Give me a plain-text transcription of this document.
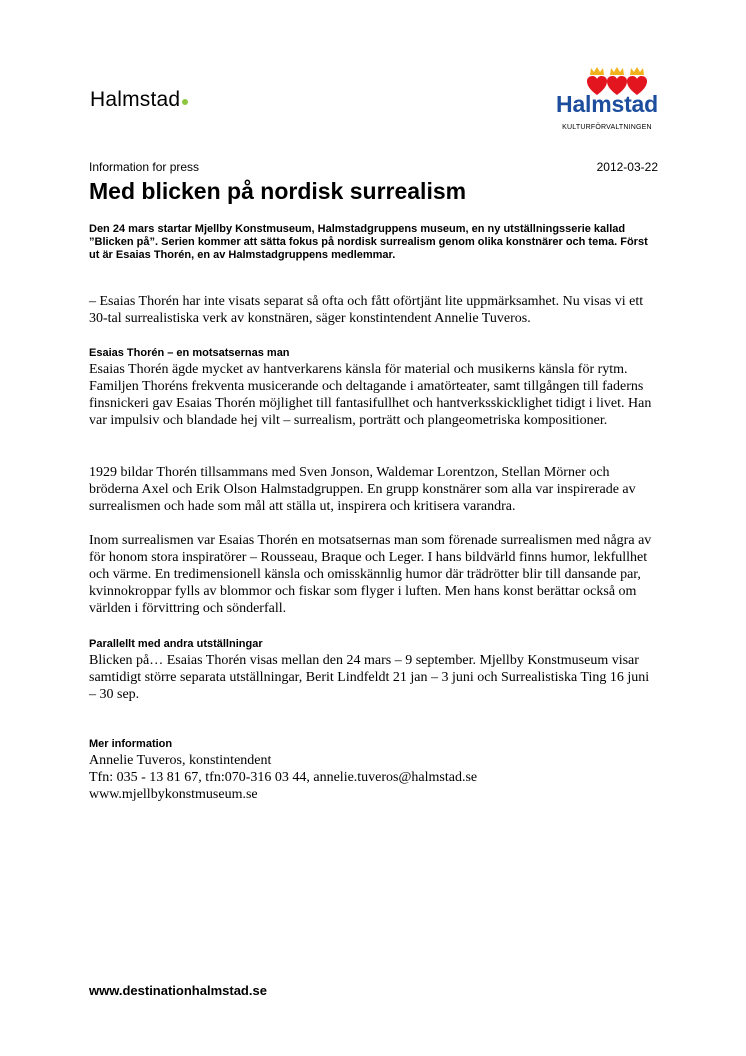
Halmstad	Halmstad
KULTURFÖRVALTNINGEN
Information for press	2012-03-22
Med blicken på nordisk surrealism
Den 24 mars startar Mjellby Konstmuseum, Halmstadgruppens museum, en ny utställningsserie kallad ”Blicken på”. Serien kommer att sätta fokus på nordisk surrealism genom olika konstnärer och tema. Först ut är Esaias Thorén, en av Halmstadgruppens medlemmar.
– Esaias Thorén har inte visats separat så ofta och fått oförtjänt lite uppmärksamhet. Nu visas vi ett 30-tal surrealistiska verk av konstnären, säger konstintendent Annelie Tuveros.
Esaias Thorén – en motsatsernas man
Esaias Thorén ägde mycket av hantverkarens känsla för material och musikerns känsla för rytm. Familjen Thoréns frekventa musicerande och deltagande i amatörteater, samt tillgången till faderns finsnickeri gav Esaias Thorén möjlighet till fantasifullhet och hantverksskicklighet tidigt i livet. Han var impulsiv och blandade hej vilt – surrealism, porträtt och plangeometriska kompositioner.
1929 bildar Thorén tillsammans med Sven Jonson, Waldemar Lorentzon, Stellan Mörner och bröderna Axel och Erik Olson Halmstadgruppen. En grupp konstnärer som alla var inspirerade av surrealismen och hade som mål att ställa ut, inspirera och kritisera varandra.
Inom surrealismen var Esaias Thorén en motsatsernas man som förenade surrealismen med några av för honom stora inspiratörer – Rousseau, Braque och Leger. I hans bildvärld finns humor, lekfullhet och värme. En tredimensionell känsla och omisskännlig humor där trädrötter blir till dansande par, kvinnokroppar fylls av blommor och fiskar som flyger i luften. Men hans konst berättar också om världen i förvittring och sönderfall.
Parallellt med andra utställningar
Blicken på… Esaias Thorén visas mellan den 24 mars – 9 september. Mjellby Konstmuseum visar samtidigt större separata utställningar, Berit Lindfeldt 21 jan – 3 juni och Surrealistiska Ting 16 juni – 30 sep.
Mer information
Annelie Tuveros, konstintendent
Tfn: 035 - 13 81 67, tfn:070-316 03 44, annelie.tuveros@halmstad.se
www.mjellbykonstmuseum.se
www.destinationhalmstad.se
